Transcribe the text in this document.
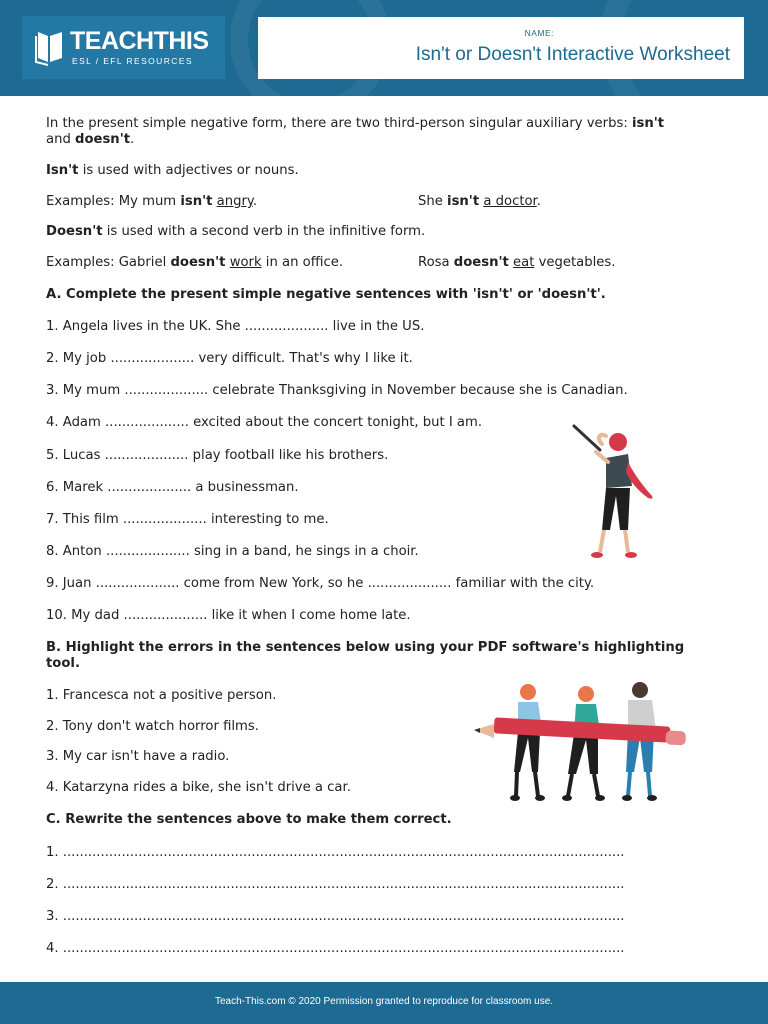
TEACHTHIS
ESL / EFL RESOURCES
NAME:
Isn't or Doesn't Interactive Worksheet
In the present simple negative form, there are two third-person singular auxiliary verbs: isn't
and doesn't.
Isn't is used with adjectives or nouns.
Examples: My mum isn't angry.	She isn't a doctor.
Doesn't is used with a second verb in the infinitive form.
Examples: Gabriel doesn't work in an office.	Rosa doesn't eat vegetables.
A. Complete the present simple negative sentences with 'isn't' or 'doesn't'.
1. Angela lives in the UK. She .................... live in the US.
2. My job .................... very difficult. That's why I like it.
3. My mum .................... celebrate Thanksgiving in November because she is Canadian.
4. Adam .................... excited about the concert tonight, but I am.
5. Lucas .................... play football like his brothers.
6. Marek .................... a businessman.
7. This film .................... interesting to me.
8. Anton .................... sing in a band, he sings in a choir.
9. Juan .................... come from New York, so he .................... familiar with the city.
10. My dad .................... like it when I come home late.
B. Highlight the errors in the sentences below using your PDF software's highlighting
tool.
1. Francesca not a positive person.
2. Tony don't watch horror films.
3. My car isn't have a radio.
4. Katarzyna rides a bike, she isn't drive a car.
C. Rewrite the sentences above to make them correct.
1. ......................................................................................................................................
2. ......................................................................................................................................
3. ......................................................................................................................................
4. ......................................................................................................................................
Teach-This.com © 2020 Permission granted to reproduce for classroom use.
